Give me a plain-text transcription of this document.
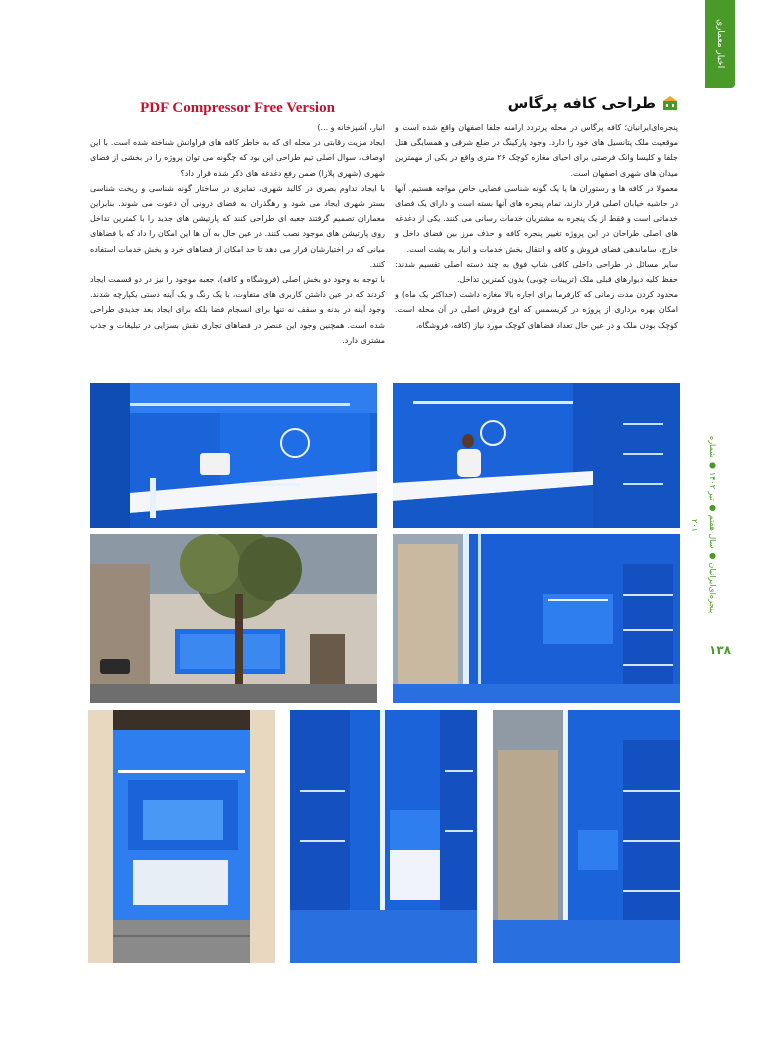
اخبار معماری
PDF Compressor Free Version	طراحی کافه پرگاس

پنجره‌ای‌ایرانیان؛ کافه پرگاس در محله پرتردد ارامنه جلفا اصفهان واقع شده است و موقعیت ملک پتانسیل های خود را دارد. وجود پارکینگ در ضلع شرقی و همسایگی هتل جلفا و کلیسا وانک فرصتی برای احیای مغازه کوچک ۲۶ متری واقع در یکی از مهمترین میدان های شهری اصفهان است.

معمولا در کافه ها و رستوران ها یا یک گونه شناسی فضایی خاص مواجه هستیم. آنها در حاشیه خیابان اصلی قرار دارند، تمام پنجره های آنها بسته است و دارای یک فضای خدماتی است و فقط از یک پنجره به مشتریان خدمات رسانی می کنند. یکی از دغدغه های اصلی طراحان در این پروژه تغییر پنجره کافه و حذف مرز بین فضای داخل و خارج، ساماندهی فضای فروش و کافه و انتقال بخش خدمات و انبار به پشت است.

سایر مسائل در طراحی داخلی کافی شاپ فوق به چند دسته اصلی تقسیم شدند: حفظ کلیه دیوارهای قبلی ملک (تزیینات چوبی) بدون کمترین تداخل.

محدود کردن مدت زمانی که کارفرما برای اجاره بالا مغازه داشت (حداکثر یک ماه) و امکان بهره برداری از پروژه در کریسمس که اوج فروش اصلی در آن محله است. کوچک بودن ملک و در عین حال تعداد فضاهای کوچک مورد نیاز (کافه، فروشگاه،

انبار، آشپزخانه و ...)

ایجاد مزیت رقابتی در محله ای که به خاطر کافه های فراوانش شناخته شده است. با این اوصاف، سوال اصلی تیم طراحی این بود که چگونه می توان پروژه را در بخشی از فضای شهری (شهری پلازا) ضمن رفع دغدغه های ذکر شده قرار داد؟

با ایجاد تداوم بصری در کالبد شهری، تمایزی در ساختار گونه شناسی و ریخت شناسی بستر شهری ایجاد می شود و رهگذران به فضای درونی آن دعوت می شوند. بنابراین معماران تصمیم گرفتند جعبه ای طراحی کنند که پارتیشن های جدید را با کمترین تداخل روی پارتیشن های موجود نصب کنند. در عین حال به آن ها این امکان را داد که با فضاهای میانی که در اختیارشان قرار می دهد تا حد امکان از فضاهای خرد و بخش خدمات استفاده کنند.

با توجه به وجود دو بخش اصلی (فروشگاه و کافه)، جعبه موجود را نیز در دو قسمت ایجاد کردند که در عین داشتن کاربری های متفاوت، با یک رنگ و یک آینه دستی یکپارچه شدند. وجود آینه در بدنه و سقف نه تنها برای انسجام فضا بلکه برای ایجاد بعد جدیدی طراحی شده است. همچنین وجود این عنصر در فضاهای تجاری نقش بسزایی در تبلیغات و جذب مشتری دارد.

پنجره‌ای‌ایرانیان ● سال هفتم ● تیر ۱۴۰۲ ● شماره ۲۰۱
۱۳۸
